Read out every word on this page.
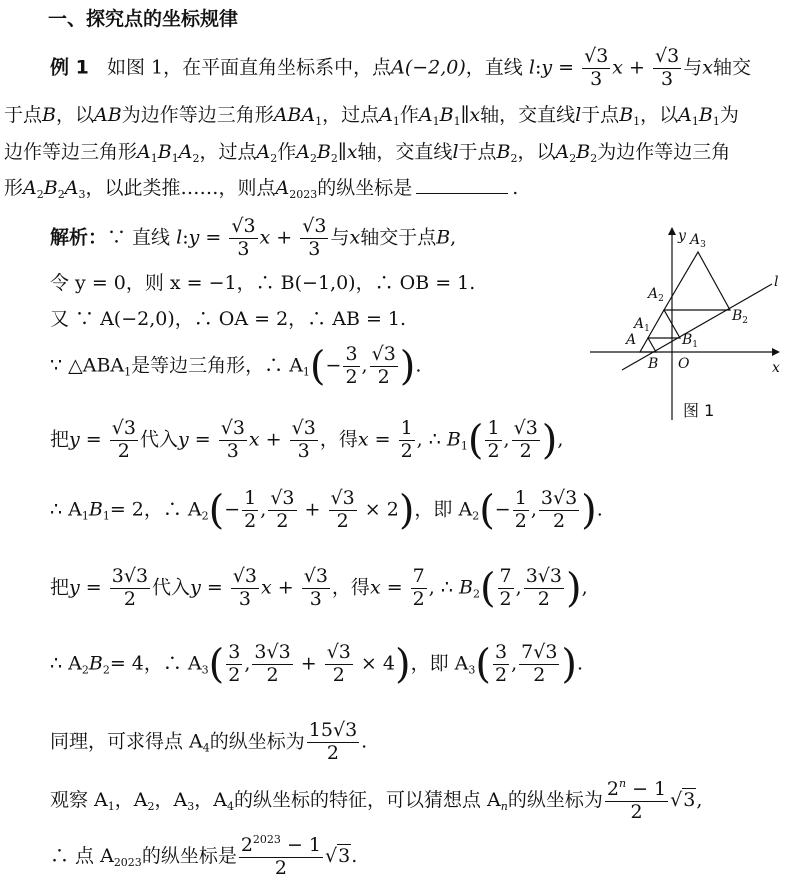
一、探究点的坐标规律
例 1 如图 1，在平面直角坐标系中，点A(−2,0)，直线 l:y = $\frac{√3}{3}$ $x + \frac{√3}{3}$ 与x轴交
于点B，以AB为边作等边三角形$ABA_1$，过点$A_1$作$A_1B_1\parallel x$轴，交直线l于点$B_1$，以$A_1B_1$为
边作等边三角形$A_1B_1A_2$，过点$A_2$作$A_2B_2\parallel x$轴，交直线l于点$B_2$，以$A_2B_2$为边作等边三角
形$A_2B_2A_3$，以此类推……，则点$A_{2023}$的纵坐标是	.
解析：∵ 直线 l:y = $\frac{√3}{3}$ $x + \frac{√3}{3}$ 与x轴交于点B,
令 y = 0，则 x = −1，∴ B(−1,0)，∴ OB = 1.
又 ∵ A(−2,0)，∴ OA = 2，∴ AB = 1.
∵ $\triangle ABA_1$是等边三角形，∴ $A_1(- \frac{3}{2}$ , $\frac{√3}{2}$ ).
把$y = \frac{√3}{2}$ 代入$y = \frac{√3}{3}$ $x + \frac{√3}{3}$ ，得$x = \frac{1}{2}$ , ∴ $B_1( \frac{1}{2}$ , $\frac{√3}{2}$ ),
∴ $A_1B_1= 2$，∴ $A_2(- \frac{1}{2}$ , $\frac{√3}{2} + \frac{√3}{2} \times 2$)，即 $A_2(- \frac{1}{2}$ , $\frac{3√3}{2}$ ).
把$y = \frac{3√3}{2}$ 代入$y = \frac{√3}{3}$ $x + \frac{√3}{3}$ ，得$x = \frac{7}{2}$ , ∴ $B_2( \frac{7}{2}$ , $\frac{3√3}{2}$ ),
∴ $A_2B_2= 4$，∴ $A_3( \frac{3}{2}$ , $\frac{3√3}{2} + \frac{√3}{2} \times 4$)，即 $A_3( \frac{3}{2}$ , $\frac{7√3}{2}$ ).
同理，可求得点 $A_4$的纵坐标为 $\frac{15√3}{2}$ .
观察 $A_1$，$A_2$，$A_3$，$A_4$的纵坐标的特征，可以猜想点 $A_n$的纵坐标为 $\frac{2^n - 1}{2} √3$,
∴ 点 $A_{2023}$的纵坐标是 $\frac{2^{2023} - 1}{2} √3$.
y $A_3$
l
$A_2$
$B_2$
$A_1$
$B_1$
A
B O	x
图 1
